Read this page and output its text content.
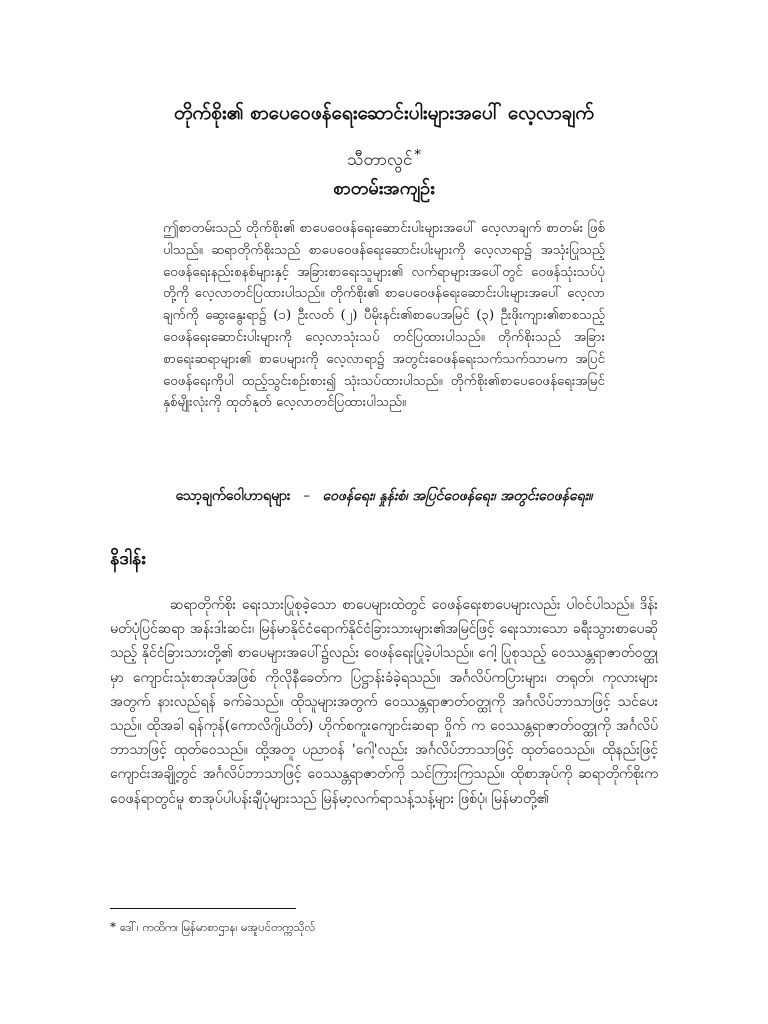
တိုက်စိုး၏ စာပေဝေဖန်ရေးဆောင်းပါးများအပေါ် လေ့လာချက်
သီတာလွင် *
စာတမ်းအကျဉ်း
ဤစာတမ်းသည် တိုက်စိုး၏ စာပေဝေဖန်ရေးဆောင်းပါးများအပေါ် လေ့လာချက် စာတမ်း ဖြစ်ပါသည်။ ဆရာတိုက်စိုးသည် စာပေဝေဖန်ရေးဆောင်းပါးများကို လေ့လာရာ၌ အသုံးပြုသည့် ဝေဖန်ရေးနည်းစနစ်များနှင့် အခြားစာရေးသူများ၏ လက်ရာများအပေါ်တွင် ဝေဖန်သုံးသပ်ပုံတို့ကို လေ့လာတင်ပြထားပါသည်။ တိုက်စိုး၏ စာပေဝေဖန်ရေးဆောင်းပါးများအပေါ် လေ့လာချက်ကို ဆွေးနွေးရာ၌ (၁) ဦးလတ် (၂) ပီမိုးနင်း၏စာပေအမြင် (၃) ဦးဖိုးကျား၏စာစသည့် ဝေဖန်ရေးဆောင်းပါးများကို လေ့လာသုံးသပ် တင်ပြထားပါသည်။ တိုက်စိုးသည် အခြားစာရေးဆရာများ၏ စာပေများကို လေ့လာရာ၌ အတွင်းဝေဖန်ရေးသက်သက်သာမက အပြင်ဝေဖန်ရေးကိုပါ ထည့်သွင်းစဉ်းစား၍ သုံးသပ်ထားပါသည်။ တိုက်စိုး၏စာပေဝေဖန်ရေးအမြင် နှစ်မျိုးလုံးကို ထုတ်နုတ် လေ့လာတင်ပြထားပါသည်။
သော့ချက်ဝေါဟာရများ – ဝေဖန်ရေး၊ နှုန်းစံ၊ အပြင်ဝေဖန်ရေး၊ အတွင်းဝေဖန်ရေး။
နိဒါန်း
ဆရာတိုက်စိုး ရေးသားပြုစုခဲ့သော စာပေများထဲတွင် ဝေဖန်ရေးစာပေများလည်း ပါဝင်ပါသည်။ ဒိန်းမတ်ပုံပြင်ဆရာ အန်းဒါးဆင်း၊ မြန်မာနိုင်ငံရောက်နိုင်ငံခြားသားများ၏အမြင်ဖြင့် ရေးသားသော ခရီးသွားစာပေဆိုသည့် နိုင်ငံခြားသားတို့၏ စာပေများအပေါ်၌လည်း ဝေဖန်ရေးပြုခဲ့ပါသည်။ ဂေါ့ ပြုစုသည့် ဝေဿန္တရာဇာတ်ဝတ္ထုမှာ ကျောင်းသုံးစာအုပ်အဖြစ် ကိုလိုနီခေတ်က ပြဋ္ဌာန်းခံခဲ့ရသည်။ အင်္ဂလိပ်ကပြားများ၊ တရုတ်၊ ကုလားများ အတွက် နားလည်ရန် ခက်ခဲသည်။ ထိုသူများအတွက် ဝေဿန္တရာဇာတ်ဝတ္ထုကို အင်္ဂလိပ်ဘာသာဖြင့် သင်ပေးသည်။ ထိုအခါ ရန်ကုန်(ကောလိဂျိယိတ်) ဟိုက်စကူးကျောင်းဆရာ ဝှိုက် က ဝေဿန္တရာဇာတ်ဝတ္ထုကို အင်္ဂလိပ်ဘာသာဖြင့် ထုတ်ဝေသည်။ ထို့အတူ ပညာဝန် 'ဂေါ့'လည်း အင်္ဂလိပ်ဘာသာဖြင့် ထုတ်ဝေသည်။ ထိုနည်းဖြင့် ကျောင်းအချို့တွင် အင်္ဂလိပ်ဘာသာဖြင့် ဝေဿန္တရာဇာတ်ကို သင်ကြားကြသည်။ ထိုစာအုပ်ကို ဆရာတိုက်စိုးက ဝေဖန်ရာတွင်မူ စာအုပ်ပါပန်းချီပုံများသည် မြန်မာ့လက်ရာသန့်သန့်များ ဖြစ်ပုံ၊ မြန်မာတို့၏
* ဒေါ်၊ ကထိက၊ မြန်မာစာဌာန၊ မအူပင်တက္ကသိုလ်
